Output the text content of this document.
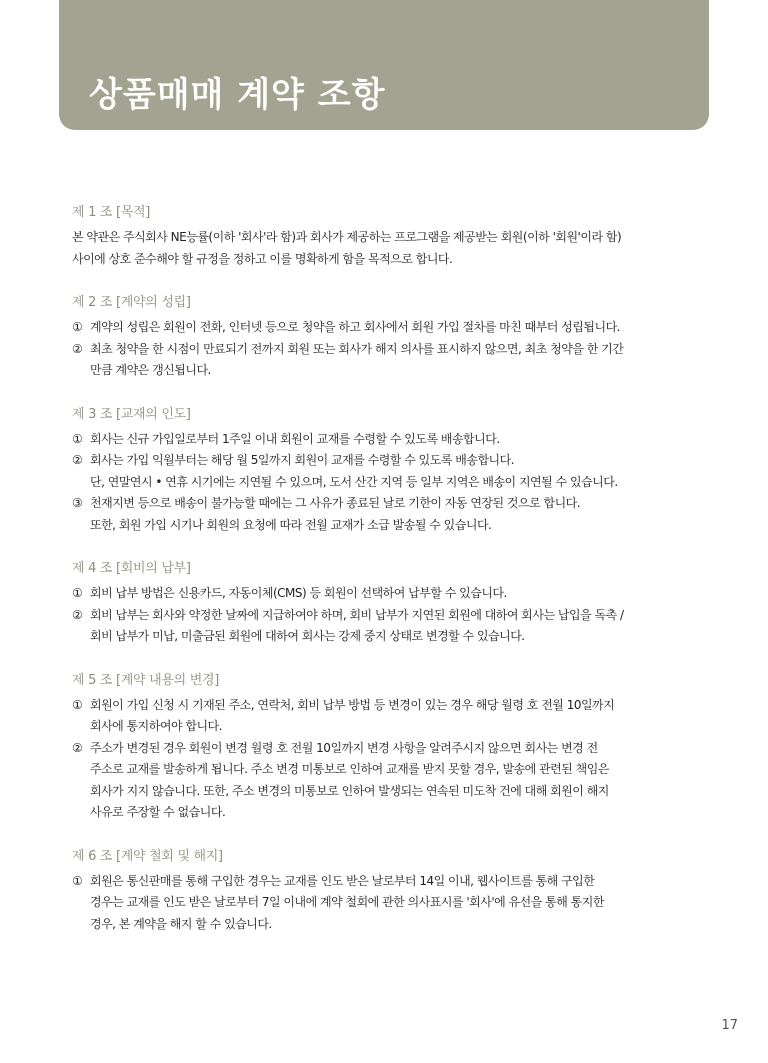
상품매매 계약 조항
제 1 조 [목적]
본 약관은 주식회사 NE능률(이하 '회사'라 함)과 회사가 제공하는 프로그램을 제공받는 회원(이하 '회원'이라 함)
사이에 상호 준수해야 할 규정을 정하고 이를 명확하게 함을 목적으로 합니다.
제 2 조 [계약의 성립]
① 계약의 성립은 회원이 전화, 인터넷 등으로 청약을 하고 회사에서 회원 가입 절차를 마친 때부터 성립됩니다.
② 최초 청약을 한 시점이 만료되기 전까지 회원 또는 회사가 해지 의사를 표시하지 않으면, 최초 청약을 한 기간
만큼 계약은 갱신됩니다.
제 3 조 [교재의 인도]
① 회사는 신규 가입일로부터 1주일 이내 회원이 교재를 수령할 수 있도록 배송합니다.
② 회사는 가입 익월부터는 해당 월 5일까지 회원이 교재를 수령할 수 있도록 배송합니다.
단, 연말연시 • 연휴 시기에는 지연될 수 있으며, 도서 산간 지역 등 일부 지역은 배송이 지연될 수 있습니다.
③ 천재지변 등으로 배송이 불가능할 때에는 그 사유가 종료된 날로 기한이 자동 연장된 것으로 합니다.
또한, 회원 가입 시기나 회원의 요청에 따라 전월 교재가 소급 발송될 수 있습니다.
제 4 조 [회비의 납부]
① 회비 납부 방법은 신용카드, 자동이체(CMS) 등 회원이 선택하여 납부할 수 있습니다.
② 회비 납부는 회사와 약정한 날짜에 지급하여야 하며, 회비 납부가 지연된 회원에 대하여 회사는 납입을 독촉 /
회비 납부가 미납, 미출금된 회원에 대하여 회사는 강제 중지 상태로 변경할 수 있습니다.
제 5 조 [계약 내용의 변경]
① 회원이 가입 신청 시 기재된 주소, 연락처, 회비 납부 방법 등 변경이 있는 경우 해당 월령 호 전월 10일까지
회사에 통지하여야 합니다.
② 주소가 변경된 경우 회원이 변경 월령 호 전월 10일까지 변경 사항을 알려주시지 않으면 회사는 변경 전
주소로 교재를 발송하게 됩니다. 주소 변경 미통보로 인하여 교재를 받지 못할 경우, 발송에 관련된 책임은
회사가 지지 않습니다. 또한, 주소 변경의 미통보로 인하여 발생되는 연속된 미도착 건에 대해 회원이 해지
사유로 주장할 수 없습니다.
제 6 조 [계약 철회 및 해지]
① 회원은 통신판매를 통해 구입한 경우는 교재를 인도 받은 날로부터 14일 이내, 웹사이트를 통해 구입한
경우는 교재를 인도 받은 날로부터 7일 이내에 계약 철회에 관한 의사표시를 '회사'에 유선을 통해 통지한
경우, 본 계약을 해지 할 수 있습니다.
17
